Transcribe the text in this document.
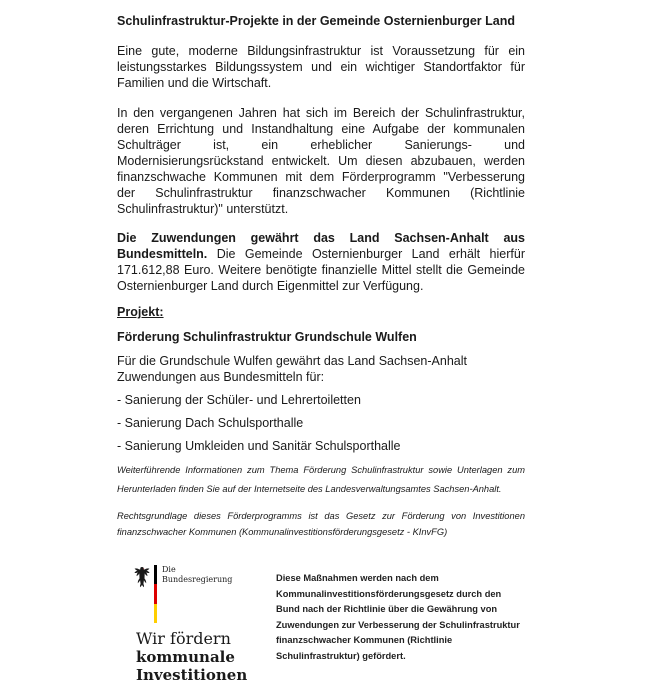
Schulinfrastruktur-Projekte in der Gemeinde Osternienburger Land

Eine gute, moderne Bildungsinfrastruktur ist Voraussetzung für ein leistungsstarkes Bildungssystem und ein wichtiger Standortfaktor für Familien und die Wirtschaft.

In den vergangenen Jahren hat sich im Bereich der Schulinfrastruktur, deren Errichtung und Instandhaltung eine Aufgabe der kommunalen Schulträger ist, ein erheblicher Sanierungs- und Modernisierungsrückstand entwickelt. Um diesen abzubauen, werden finanzschwache Kommunen mit dem Förderprogramm "Verbesserung der Schulinfrastruktur finanzschwacher Kommunen (Richtlinie Schulinfrastruktur)" unterstützt.

Die Zuwendungen gewährt das Land Sachsen-Anhalt aus Bundesmitteln. Die Gemeinde Osternienburger Land erhält hierfür 171.612,88 Euro. Weitere benötigte finanzielle Mittel stellt die Gemeinde Osternienburger Land durch Eigenmittel zur Verfügung.

Projekt:
Förderung Schulinfrastruktur Grundschule Wulfen

Für die Grundschule Wulfen gewährt das Land Sachsen-Anhalt Zuwendungen aus Bundesmitteln für:

- Sanierung der Schüler- und Lehrertoiletten
- Sanierung Dach Schulsporthalle
- Sanierung Umkleiden und Sanitär Schulsporthalle

Weiterführende Informationen zum Thema Förderung Schulinfrastruktur sowie Unterlagen zum Herunterladen finden Sie auf der Internetseite des Landesverwaltungsamtes Sachsen-Anhalt.

Rechtsgrundlage dieses Förderprogramms ist das Gesetz zur Förderung von Investitionen finanzschwacher Kommunen (Kommunalinvestitionsförderungsgesetz - KInvFG)

Die
Bundesregierung
Wir fördern
kommunale
Investitionen
Diese Maßnahmen werden nach dem Kommunalinvestitionsförderungsgesetz durch den Bund nach der Richtlinie über die Gewährung von Zuwendungen zur Verbesserung der Schulinfrastruktur finanzschwacher Kommunen (Richtlinie Schulinfrastruktur) gefördert.
